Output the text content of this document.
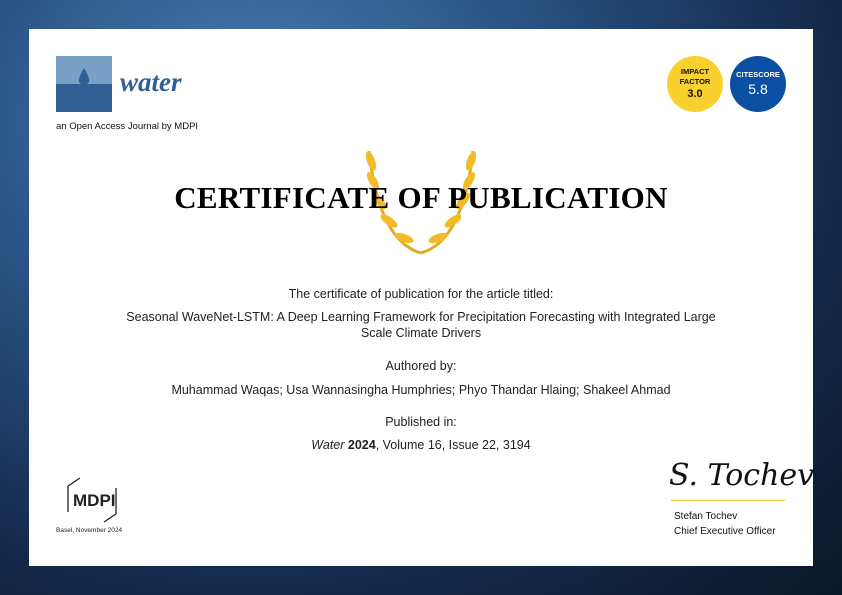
water
an Open Access Journal by MDPI
IMPACT
FACTOR
3.0
CITESCORE
5.8
CERTIFICATE OF PUBLICATION
The certificate of publication for the article titled:
Seasonal WaveNet-LSTM: A Deep Learning Framework for Precipitation Forecasting with Integrated Large
Scale Climate Drivers
Authored by:
Muhammad Waqas; Usa Wannasingha Humphries; Phyo Thandar Hlaing; Shakeel Ahmad
Published in:
Water 2024, Volume 16, Issue 22, 3194
MDPI
Basel, November 2024
S. Tochev
Stefan Tochev
Chief Executive Officer
